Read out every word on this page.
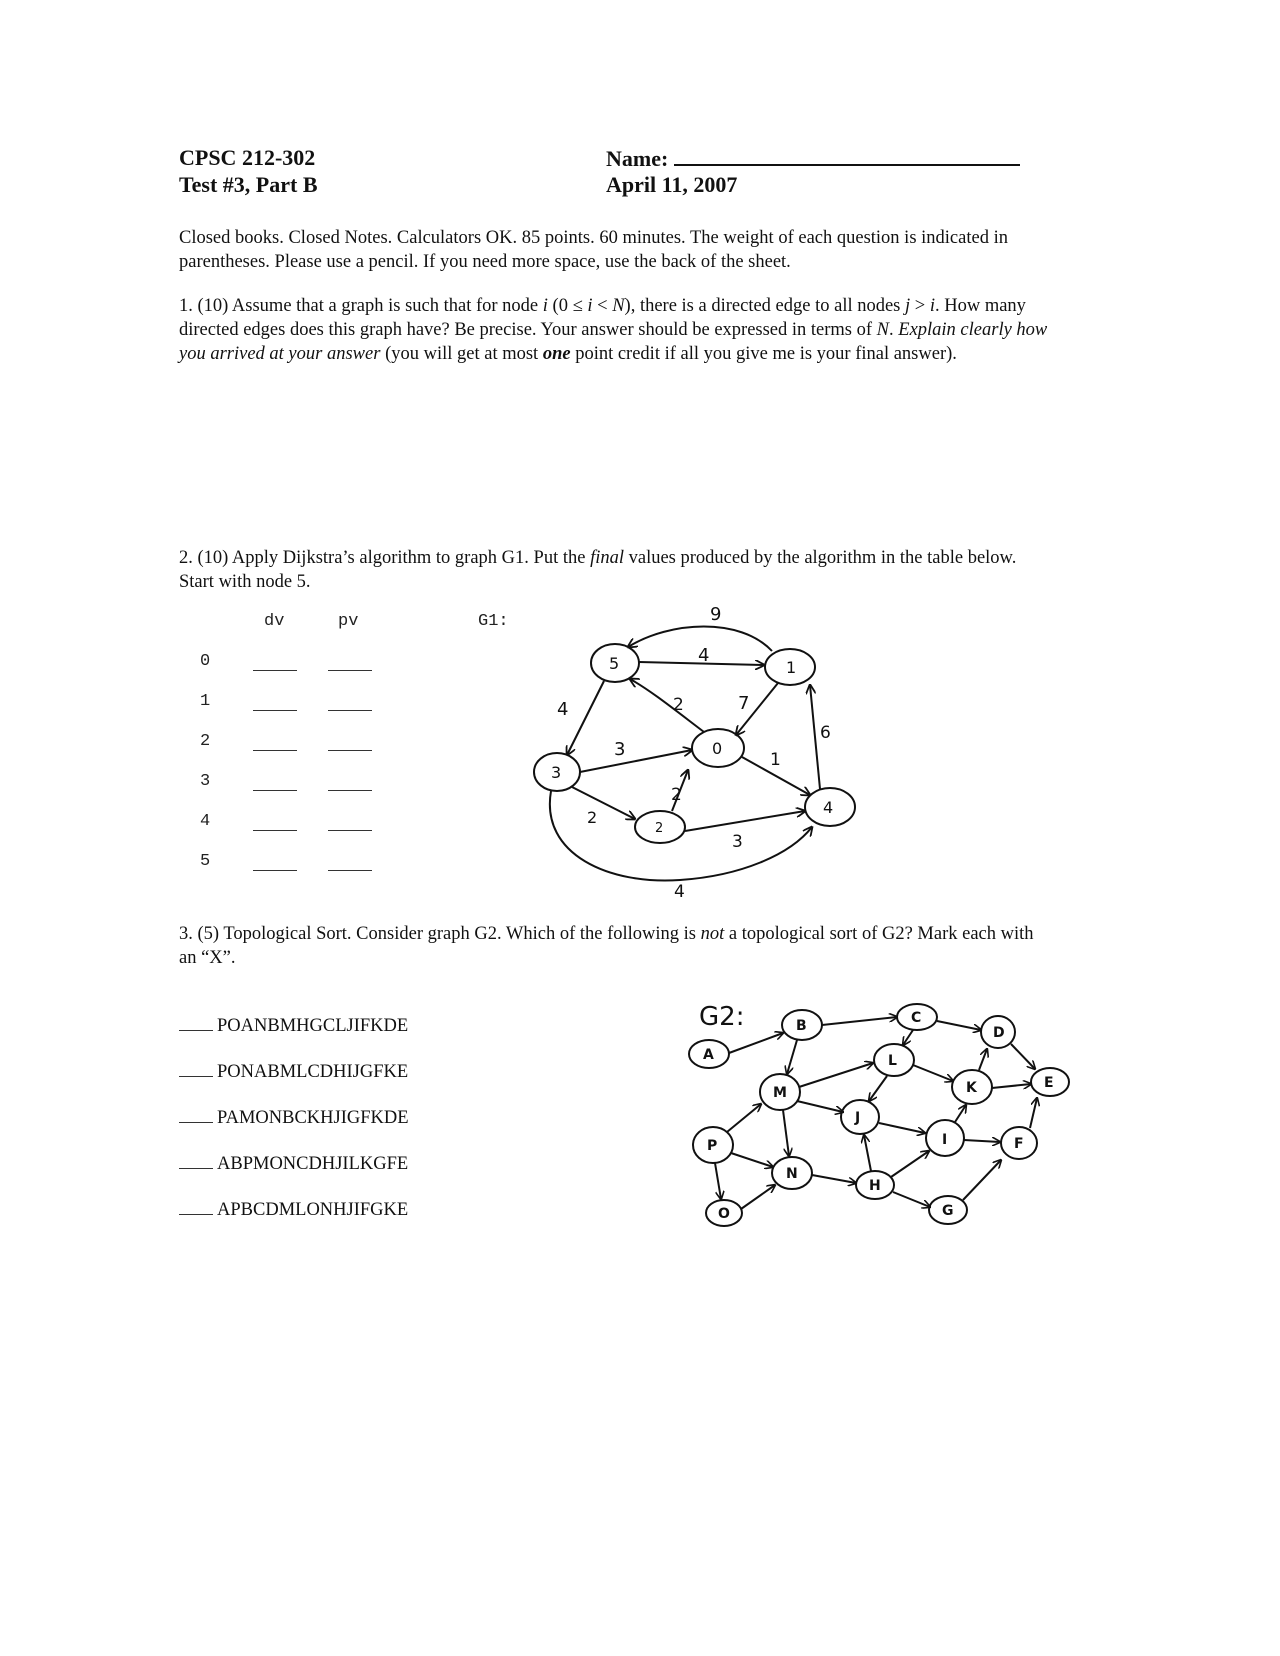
CPSC 212-302
Test #3, Part B
Name:
April 11, 2007
Closed books. Closed Notes. Calculators OK. 85 points. 60 minutes. The weight of each question is indicated in parentheses. Please use a pencil. If you need more space, use the back of the sheet.
1. (10) Assume that a graph is such that for node i (0 ≤ i < N), there is a directed edge to all nodes j > i. How many directed edges does this graph have? Be precise. Your answer should be expressed in terms of N. Explain clearly how you arrived at your answer (you will get at most one point credit if all you give me is your final answer).
2. (10) Apply Dijkstra’s algorithm to graph G1. Put the final values produced by the algorithm in the table below. Start with node 5.
dv	pv	G1:
0
1
2
3
4
5
5	1
0
3
2
4
9
4
4	2	7
6
3	1
2
2
3
4
3. (5) Topological Sort. Consider graph G2. Which of the following is not a topological sort of G2? Mark each with an “X”.
POANBMHGCLJIFKDE
PONABMLCDHIJGFKE
PAMONBCKHJIGFKDE
ABPMONCDHJILKGFE
APBCDMLONHJIFGKE
G2:
A
B	C
D
E
F
G
H
I
J
K
L
M
N
O
P
